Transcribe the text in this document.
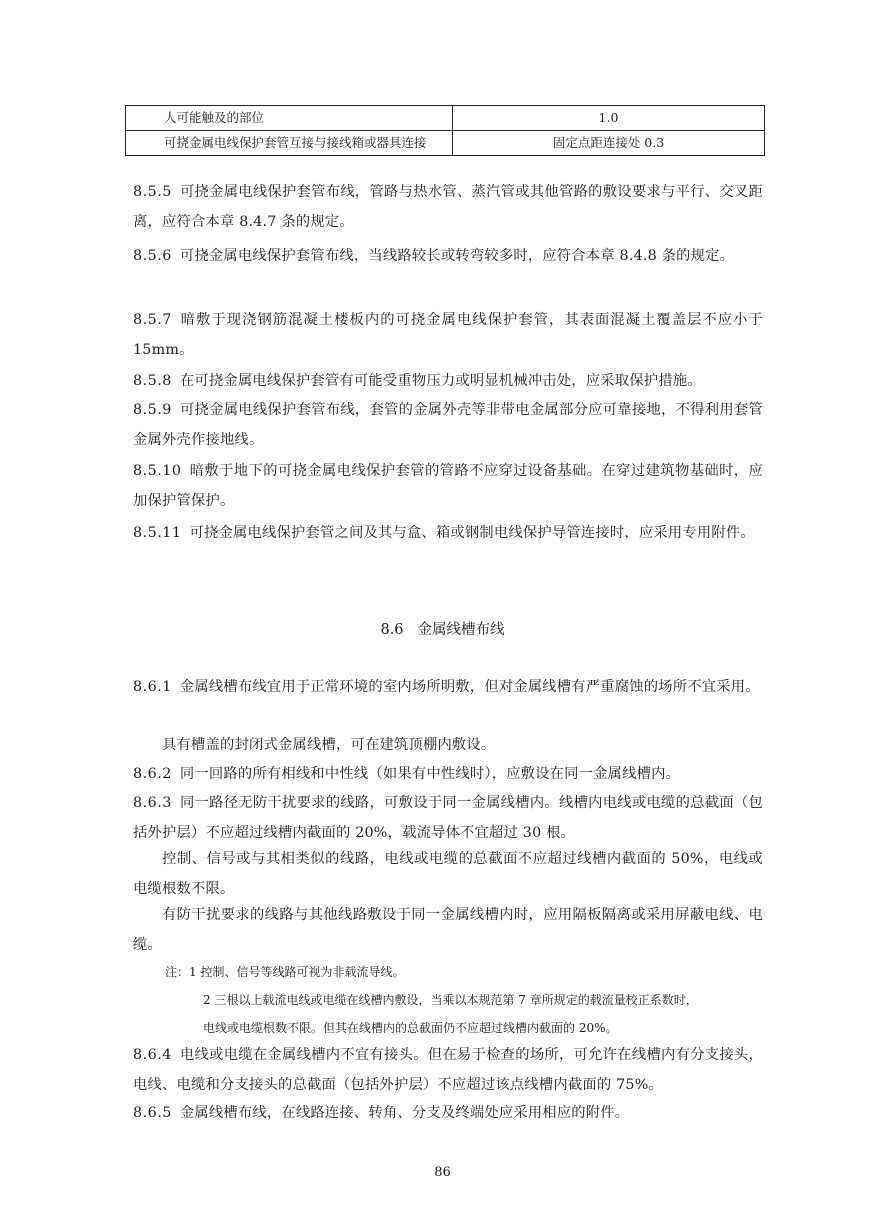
人可能触及的部位	1.0
可挠金属电线保护套管互接与接线箱或器具连接	固定点距连接处 0.3

8.5.5 可挠金属电线保护套管布线，管路与热水管、蒸汽管或其他管路的敷设要求与平行、交叉距离，应符合本章 8.4.7 条的规定。

8.5.6 可挠金属电线保护套管布线，当线路较长或转弯较多时，应符合本章 8.4.8 条的规定。

8.5.7 暗敷于现浇钢筋混凝土楼板内的可挠金属电线保护套管，其表面混凝土覆盖层不应小于 15mm。

8.5.8 在可挠金属电线保护套管有可能受重物压力或明显机械冲击处，应采取保护措施。

8.5.9 可挠金属电线保护套管布线，套管的金属外壳等非带电金属部分应可靠接地，不得利用套管金属外壳作接地线。

8.5.10 暗敷于地下的可挠金属电线保护套管的管路不应穿过设备基础。在穿过建筑物基础时，应加保护管保护。

8.5.11 可挠金属电线保护套管之间及其与盒、箱或钢制电线保护导管连接时，应采用专用附件。

8.6 金属线槽布线

8.6.1 金属线槽布线宜用于正常环境的室内场所明敷，但对金属线槽有严重腐蚀的场所不宜采用。

具有槽盖的封闭式金属线槽，可在建筑顶棚内敷设。

8.6.2 同一回路的所有相线和中性线（如果有中性线时），应敷设在同一金属线槽内。

8.6.3 同一路径无防干扰要求的线路，可敷设于同一金属线槽内。线槽内电线或电缆的总截面（包括外护层）不应超过线槽内截面的 20%，载流导体不宜超过 30 根。

控制、信号或与其相类似的线路，电线或电缆的总截面不应超过线槽内截面的 50%，电线或电缆根数不限。

有防干扰要求的线路与其他线路敷设于同一金属线槽内时，应用隔板隔离或采用屏蔽电线、电缆。

注：1 控制、信号等线路可视为非载流导线。

2 三根以上载流电线或电缆在线槽内敷设，当乘以本规范第 7 章所规定的载流量校正系数时，

电线或电缆根数不限。但其在线槽内的总截面仍不应超过线槽内截面的 20%。

8.6.4 电线或电缆在金属线槽内不宜有接头。但在易于检查的场所，可允许在线槽内有分支接头，电线、电缆和分支接头的总截面（包括外护层）不应超过该点线槽内截面的 75%。

8.6.5 金属线槽布线，在线路连接、转角、分支及终端处应采用相应的附件。

86
